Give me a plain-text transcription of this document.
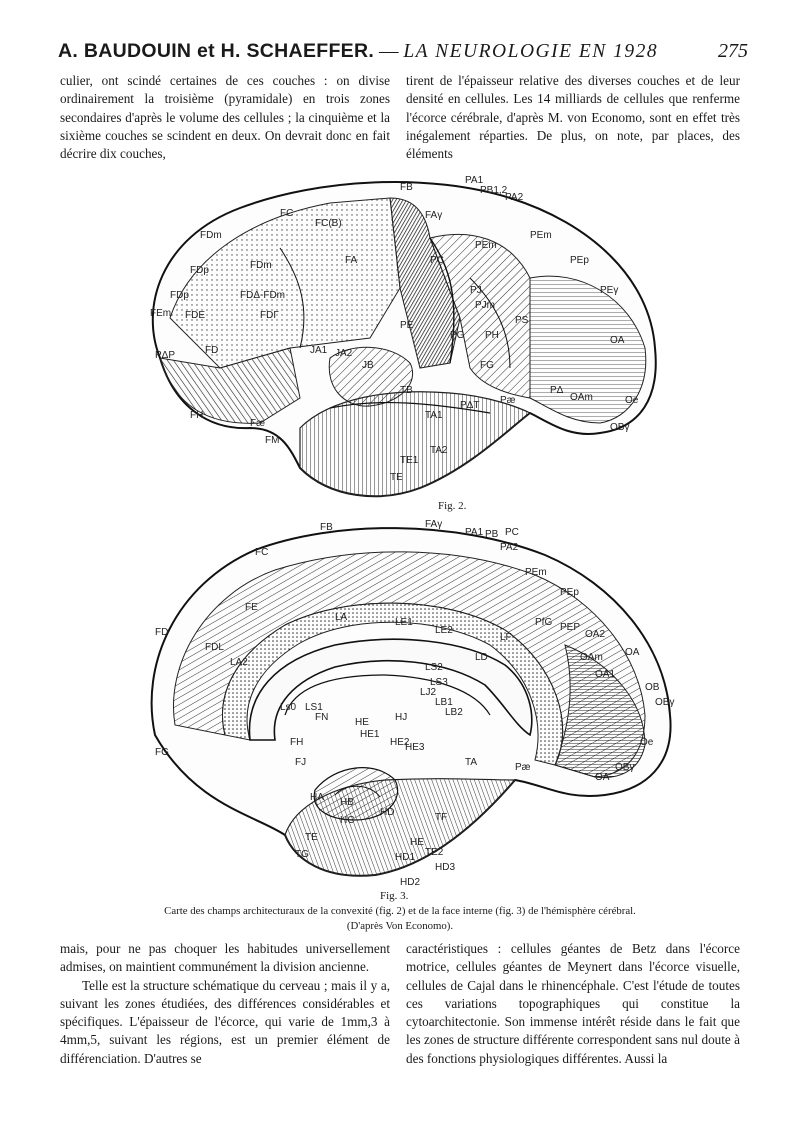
A. BAUDOUIN et H. SCHAEFFER. — LA NEUROLOGIE EN 1928	275

culier, ont scindé certaines de ces couches : on divise ordinairement la troisième (pyramidale) en trois zones secondaires d'après le volume des cellules ; la cinquième et la sixième couches se scindent en deux. On devrait donc en fait décrire dix couches,

tirent de l'épaisseur relative des diverses couches et de leur densité en cellules. Les 14 milliards de cellules que renferme l'écorce cérébrale, d'après M. von Economo, sont en effet très inégalement réparties. De plus, on note, par places, des éléments

FDm
FC
FC(B)
FB
FAγ
PA1
PB1,2
PA2
FDp	FDm	FA	PC
PEm
PEm
PEp
FDp	FDΔ-FDm	PJ
PJm
PEγ
FEm FDE	FDΓ	PS
FD
PG PH
PE
PΔP
FG
OA
JA1 JA2
JB
TB
PΔT Pæ
PΔ
OAm	Oe
FH
Fæ
FM
TA1
TA2
TE1
TE
OBγ
Fig. 2.
FB	FAγ
PA1 PB PC
PA2
FC
PEm
PEp
FD
FE
LA	LE1
LE2
LF
PfG PEP
OA2
FDL
LA2	LD	OAm OA
OA1
LS2
LS3
LJ2
LB1
LB2
OB
OBγ
Ls0 LS1
FN	HJ
HE
HE1
HE2
HE3
FH
FJ	TA	Pæ
OA
Oe
OBγ
FG
HA HB
HC
HD
HE
TF
TE
TG	TE2
HD1
HD2
HD3
Fig. 3.
Carte des champs architecturaux de la convexité (fig. 2) et de la face interne (fig. 3) de l'hémisphère cérébral.
(D'après Von Economo).

mais, pour ne pas choquer les habitudes universellement admises, on maintient communément la division ancienne.

Telle est la structure schématique du cerveau ; mais il y a, suivant les zones étudiées, des différences considérables et spécifiques. L'épaisseur de l'écorce, qui varie de 1mm,3 à 4mm,5, suivant les régions, est un premier élément de différenciation. D'autres se

caractéristiques : cellules géantes de Betz dans l'écorce motrice, cellules géantes de Meynert dans l'écorce visuelle, cellules de Cajal dans le rhinencéphale. C'est l'étude de toutes ces variations topographiques qui constitue la cytoarchitectonie. Son immense intérêt réside dans le fait que les zones de structure différente correspondent sans nul doute à des fonctions physiologiques différentes. Aussi la
